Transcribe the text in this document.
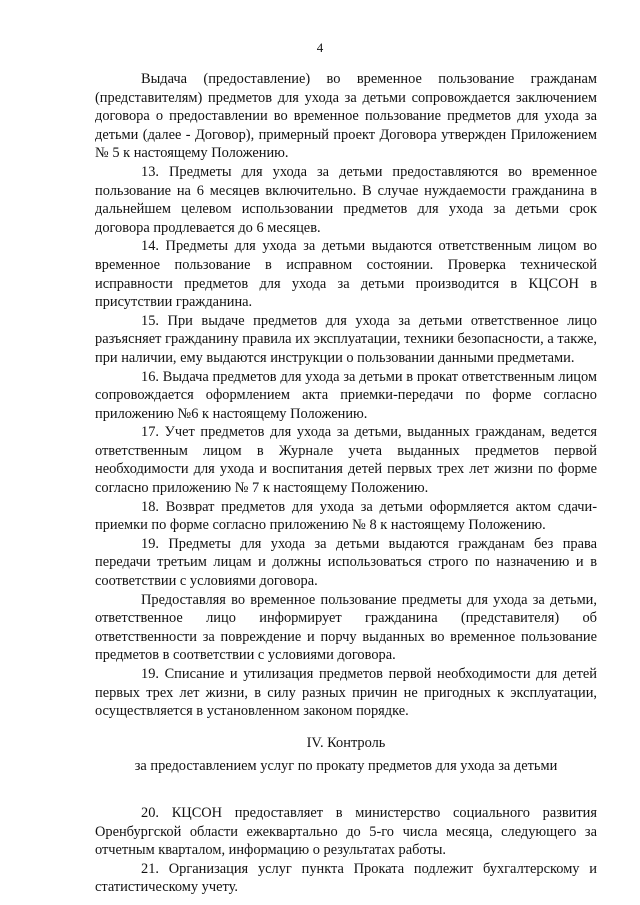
4

Выдача (предоставление) во временное пользование гражданам (представителям) предметов для ухода за детьми сопровождается заключением договора о предоставлении во временное пользование предметов для ухода за детьми (далее - Договор), примерный проект Договора утвержден Приложением № 5 к настоящему Положению.

13. Предметы для ухода за детьми предоставляются во временное пользование на 6 месяцев включительно. В случае нуждаемости гражданина в дальнейшем целевом использовании предметов для ухода за детьми срок договора продлевается до 6 месяцев.

14. Предметы для ухода за детьми выдаются ответственным лицом во временное пользование в исправном состоянии. Проверка технической исправности предметов для ухода за детьми производится в КЦСОН в присутствии гражданина.

15. При выдаче предметов для ухода за детьми ответственное лицо разъясняет гражданину правила их эксплуатации, техники безопасности, а также, при наличии, ему выдаются инструкции о пользовании данными предметами.

16. Выдача предметов для ухода за детьми в прокат ответственным лицом сопровождается оформлением акта приемки-передачи по форме согласно приложению №6 к настоящему Положению.

17. Учет предметов для ухода за детьми, выданных гражданам, ведется ответственным лицом в Журнале учета выданных предметов первой необходимости для ухода и воспитания детей первых трех лет жизни по форме согласно приложению № 7 к настоящему Положению.

18. Возврат предметов для ухода за детьми оформляется актом сдачи-приемки по форме согласно приложению № 8 к настоящему Положению.

19. Предметы для ухода за детьми выдаются гражданам без права передачи третьим лицам и должны использоваться строго по назначению и в соответствии с условиями договора.

Предоставляя во временное пользование предметы для ухода за детьми, ответственное лицо информирует гражданина (представителя) об ответственности за повреждение и порчу выданных во временное пользование предметов в соответствии с условиями договора.

19. Списание и утилизация предметов первой необходимости для детей первых трех лет жизни, в силу разных причин не пригодных к эксплуатации, осуществляется в установленном законом порядке.

IV. Контроль

за предоставлением услуг по прокату предметов для ухода за детьми

20. КЦСОН предоставляет в министерство социального развития Оренбургской области ежеквартально до 5-го числа месяца, следующего за отчетным кварталом, информацию о результатах работы.

21. Организация услуг пункта Проката подлежит бухгалтерскому и статистическому учету.
